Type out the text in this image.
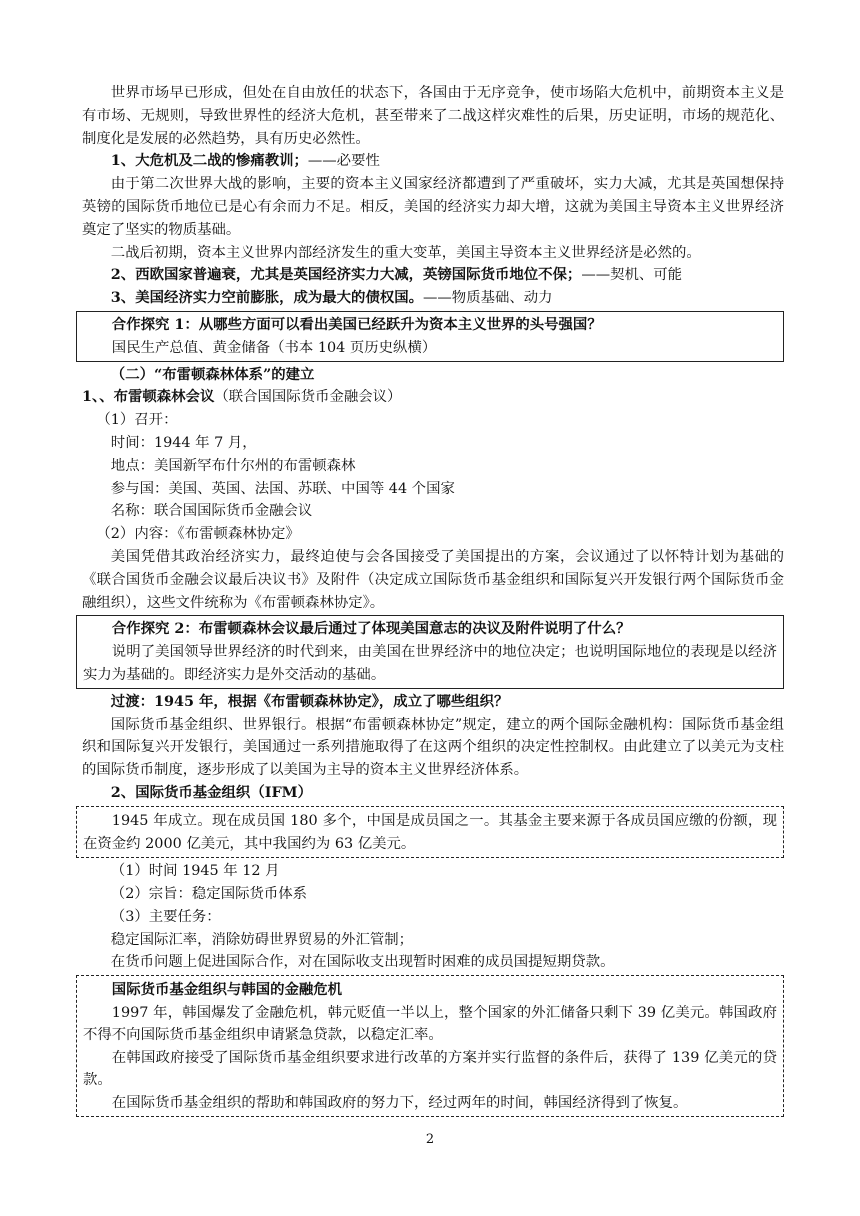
世界市场早已形成，但处在自由放任的状态下，各国由于无序竞争，使市场陷大危机中，前期资本主义是有市场、无规则，导致世界性的经济大危机，甚至带来了二战这样灾难性的后果，历史证明，市场的规范化、制度化是发展的必然趋势，具有历史必然性。

1、大危机及二战的惨痛教训；——必要性

由于第二次世界大战的影响，主要的资本主义国家经济都遭到了严重破坏，实力大减，尤其是英国想保持英镑的国际货币地位已是心有余而力不足。相反，美国的经济实力却大增，这就为美国主导资本主义世界经济奠定了坚实的物质基础。

二战后初期，资本主义世界内部经济发生的重大变革，美国主导资本主义世界经济是必然的。

2、西欧国家普遍衰，尤其是英国经济实力大减，英镑国际货币地位不保；——契机、可能

3、美国经济实力空前膨胀，成为最大的债权国。——物质基础、动力

合作探究 1：从哪些方面可以看出美国已经跃升为资本主义世界的头号强国？

国民生产总值、黄金储备（书本 104 页历史纵横）

（二）“布雷顿森林体系”的建立

1、、布雷顿森林会议（联合国国际货币金融会议）

（1）召开：

时间：1944 年 7 月，

地点：美国新罕布什尔州的布雷顿森林

参与国：美国、英国、法国、苏联、中国等 44 个国家

名称：联合国国际货币金融会议

（2）内容：《布雷顿森林协定》

美国凭借其政治经济实力，最终迫使与会各国接受了美国提出的方案，会议通过了以怀特计划为基础的《联合国货币金融会议最后决议书》及附件（决定成立国际货币基金组织和国际复兴开发银行两个国际货币金融组织），这些文件统称为《布雷顿森林协定》。

合作探究 2：布雷顿森林会议最后通过了体现美国意志的决议及附件说明了什么？

说明了美国领导世界经济的时代到来，由美国在世界经济中的地位决定；也说明国际地位的表现是以经济实力为基础的。即经济实力是外交活动的基础。

过渡：1945 年，根据《布雷顿森林协定》，成立了哪些组织？

国际货币基金组织、世界银行。根据“布雷顿森林协定”规定，建立的两个国际金融机构：国际货币基金组织和国际复兴开发银行，美国通过一系列措施取得了在这两个组织的决定性控制权。由此建立了以美元为支柱的国际货币制度，逐步形成了以美国为主导的资本主义世界经济体系。

2、国际货币基金组织（IFM）

1945 年成立。现在成员国 180 多个，中国是成员国之一。其基金主要来源于各成员国应缴的份额，现在资金约 2000 亿美元，其中我国约为 63 亿美元。

（1）时间 1945 年 12 月

（2）宗旨：稳定国际货币体系

（3）主要任务：

稳定国际汇率，消除妨碍世界贸易的外汇管制；

在货币问题上促进国际合作，对在国际收支出现暂时困难的成员国提短期贷款。

国际货币基金组织与韩国的金融危机

1997 年，韩国爆发了金融危机，韩元贬值一半以上，整个国家的外汇储备只剩下 39 亿美元。韩国政府不得不向国际货币基金组织申请紧急贷款，以稳定汇率。

在韩国政府接受了国际货币基金组织要求进行改革的方案并实行监督的条件后，获得了 139 亿美元的贷款。

在国际货币基金组织的帮助和韩国政府的努力下，经过两年的时间，韩国经济得到了恢复。

2
